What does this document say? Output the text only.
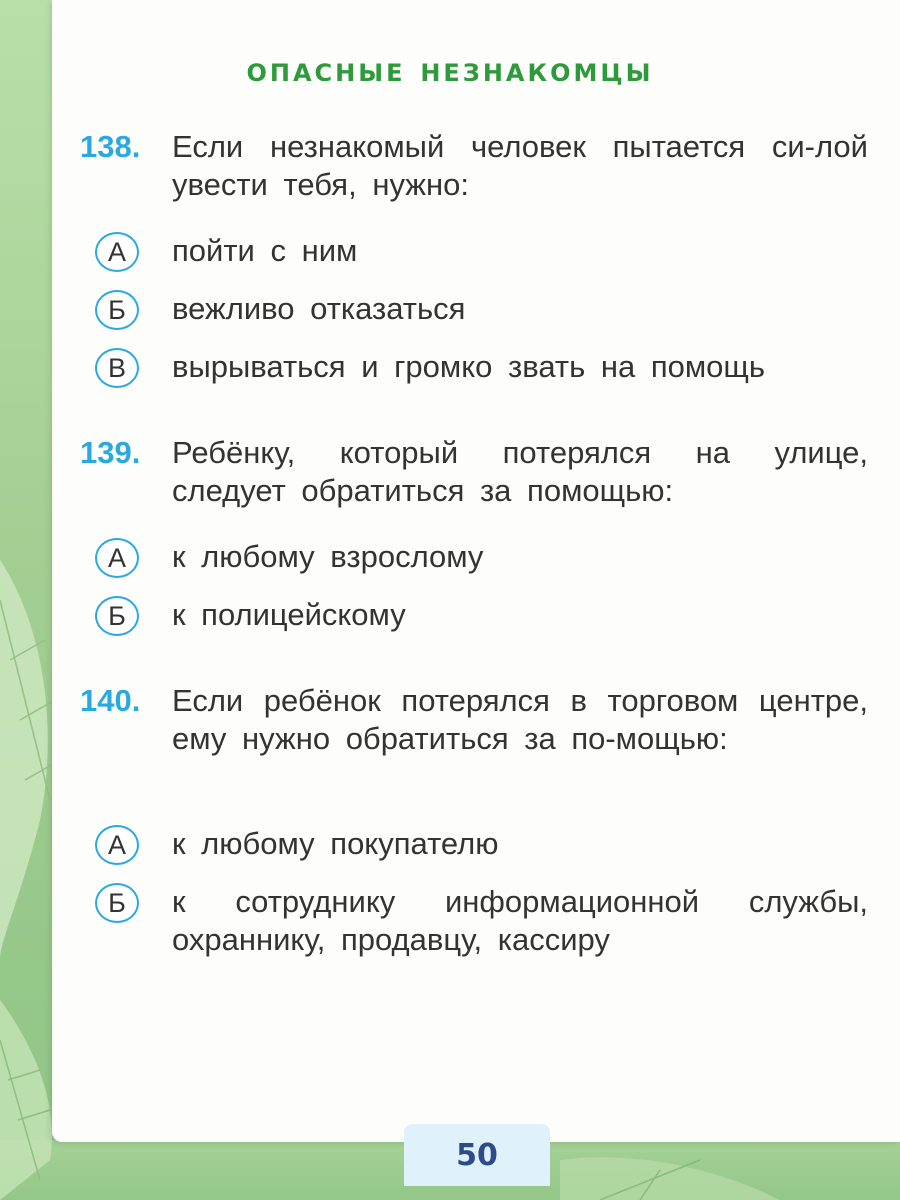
опасные незнакомцы
138. Если незнакомый человек пытается си-лой увести тебя, нужно:
А	пойти с ним
Б	вежливо отказаться
В	вырываться и громко звать на помощь
139. Ребёнку, который потерялся на улице, следует обратиться за помощью:
А	к любому взрослому
Б	к полицейскому
140. Если ребёнок потерялся в торговом центре, ему нужно обратиться за по-мощью:
А	к любому покупателю
Б	к сотруднику информационной службы, охраннику, продавцу, кассиру
50
